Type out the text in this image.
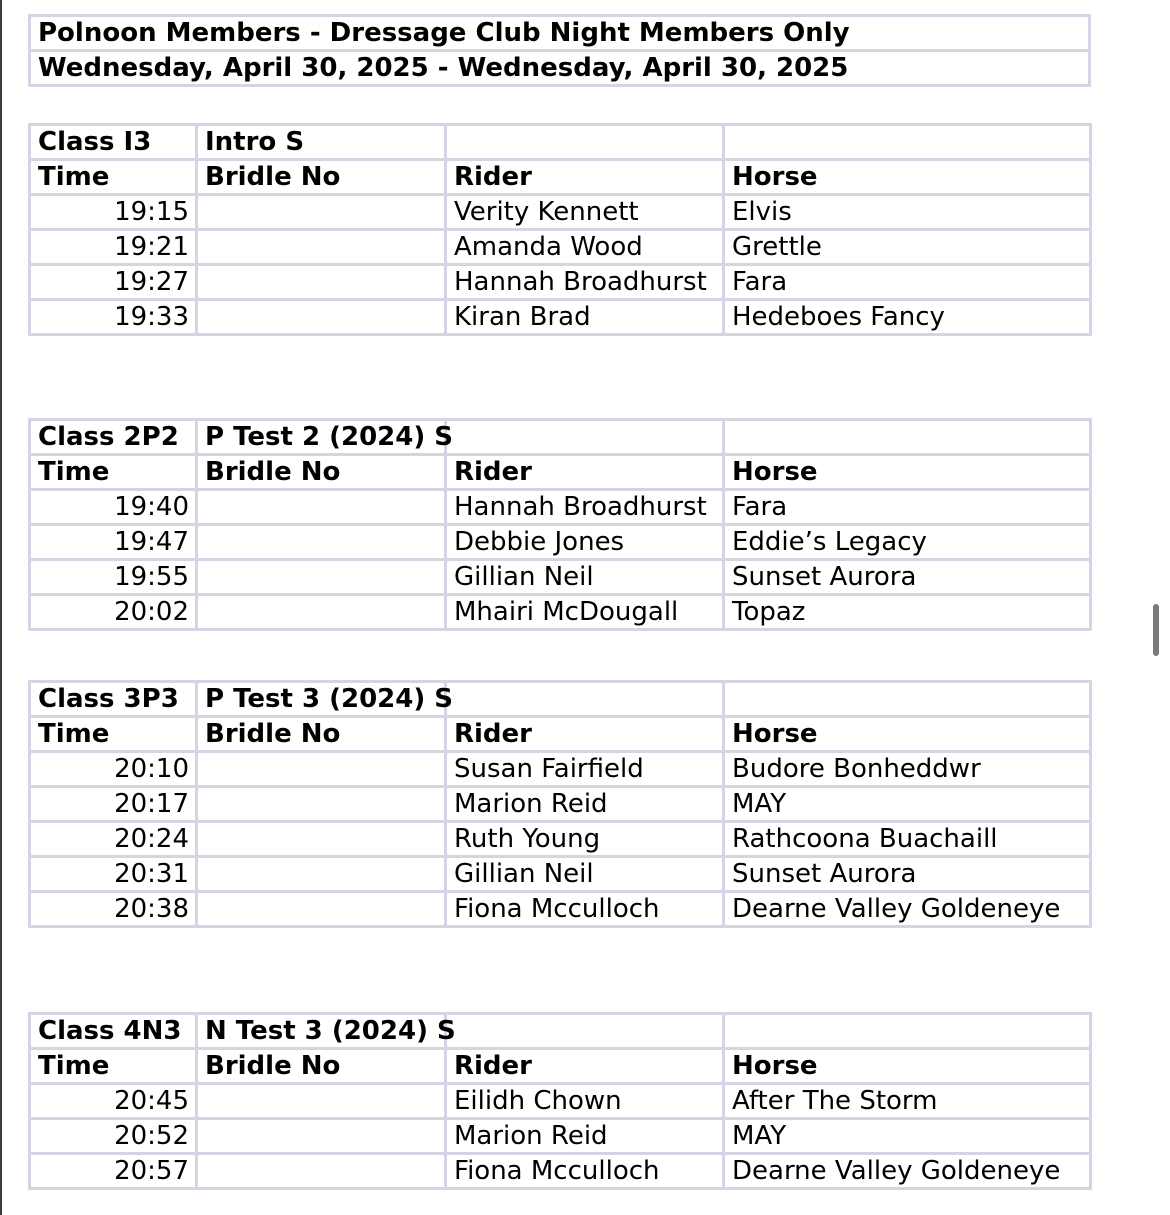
Polnoon Members - Dressage Club Night Members Only
Wednesday, April 30, 2025 - Wednesday, April 30, 2025
Class I3	Intro S		
Time	Bridle No	Rider	Horse
19:15		Verity Kennett	Elvis
19:21		Amanda Wood	Grettle
19:27		Hannah Broadhurst	Fara
19:33		Kiran Brad	Hedeboes Fancy
Class 2P2	P Test 2 (2024) S		
Time	Bridle No	Rider	Horse
19:40		Hannah Broadhurst	Fara
19:47		Debbie Jones	Eddie’s Legacy
19:55		Gillian Neil	Sunset Aurora
20:02		Mhairi McDougall	Topaz
Class 3P3	P Test 3 (2024) S		
Time	Bridle No	Rider	Horse
20:10		Susan Fairfield	Budore Bonheddwr
20:17		Marion Reid	MAY
20:24		Ruth Young	Rathcoona Buachaill
20:31		Gillian Neil	Sunset Aurora
20:38		Fiona Mcculloch	Dearne Valley Goldeneye
Class 4N3	N Test 3 (2024) S		
Time	Bridle No	Rider	Horse
20:45		Eilidh Chown	After The Storm
20:52		Marion Reid	MAY
20:57		Fiona Mcculloch	Dearne Valley Goldeneye
